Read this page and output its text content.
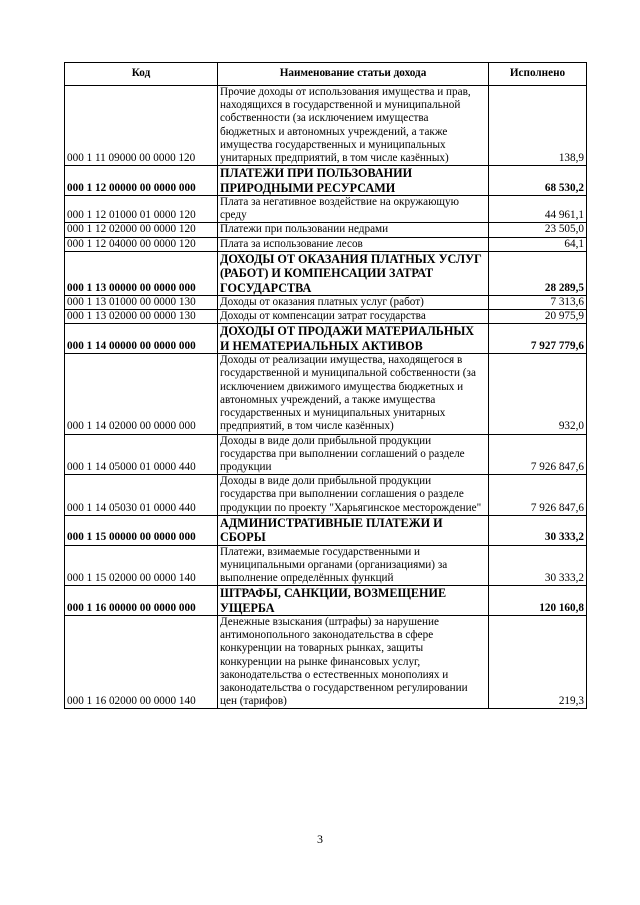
Код	Наименование статьи дохода	Исполнено
000 1 11 09000 00 0000 120	Прочие доходы от использования имущества и прав, находящихся в государственной и муниципальной собственности (за исключением имущества бюджетных и автономных учреждений, а также имущества государственных и муниципальных унитарных предприятий, в том числе казённых)	138,9
000 1 12 00000 00 0000 000	ПЛАТЕЖИ ПРИ ПОЛЬЗОВАНИИ ПРИРОДНЫМИ РЕСУРСАМИ	68 530,2
000 1 12 01000 01 0000 120	Плата за негативное воздействие на окружающую среду	44 961,1
000 1 12 02000 00 0000 120	Платежи при пользовании недрами	23 505,0
000 1 12 04000 00 0000 120	Плата за использование лесов	64,1
000 1 13 00000 00 0000 000	ДОХОДЫ ОТ ОКАЗАНИЯ ПЛАТНЫХ УСЛУГ (РАБОТ) И КОМПЕНСАЦИИ ЗАТРАТ ГОСУДАРСТВА	28 289,5
000 1 13 01000 00 0000 130	Доходы от оказания платных услуг (работ)	7 313,6
000 1 13 02000 00 0000 130	Доходы от компенсации затрат государства	20 975,9
000 1 14 00000 00 0000 000	ДОХОДЫ ОТ ПРОДАЖИ МАТЕРИАЛЬНЫХ И НЕМАТЕРИАЛЬНЫХ АКТИВОВ	7 927 779,6
000 1 14 02000 00 0000 000	Доходы от реализации имущества, находящегося в государственной и муниципальной собственности (за исключением движимого имущества бюджетных и автономных учреждений, а также имущества государственных и муниципальных унитарных предприятий, в том числе казённых)	932,0
000 1 14 05000 01 0000 440	Доходы в виде доли прибыльной продукции государства при выполнении соглашений о разделе продукции	7 926 847,6
000 1 14 05030 01 0000 440	Доходы в виде доли прибыльной продукции государства при выполнении соглашения о разделе продукции по проекту "Харьягинское месторождение"	7 926 847,6
000 1 15 00000 00 0000 000	АДМИНИСТРАТИВНЫЕ ПЛАТЕЖИ И СБОРЫ	30 333,2
000 1 15 02000 00 0000 140	Платежи, взимаемые государственными и муниципальными органами (организациями) за выполнение определённых функций	30 333,2
000 1 16 00000 00 0000 000	ШТРАФЫ, САНКЦИИ, ВОЗМЕЩЕНИЕ УЩЕРБА	120 160,8
000 1 16 02000 00 0000 140	Денежные взыскания (штрафы) за нарушение антимонопольного законодательства в сфере конкуренции на товарных рынках, защиты конкуренции на рынке финансовых услуг, законодательства о естественных монополиях и законодательства о государственном регулировании цен (тарифов)	219,3
3
